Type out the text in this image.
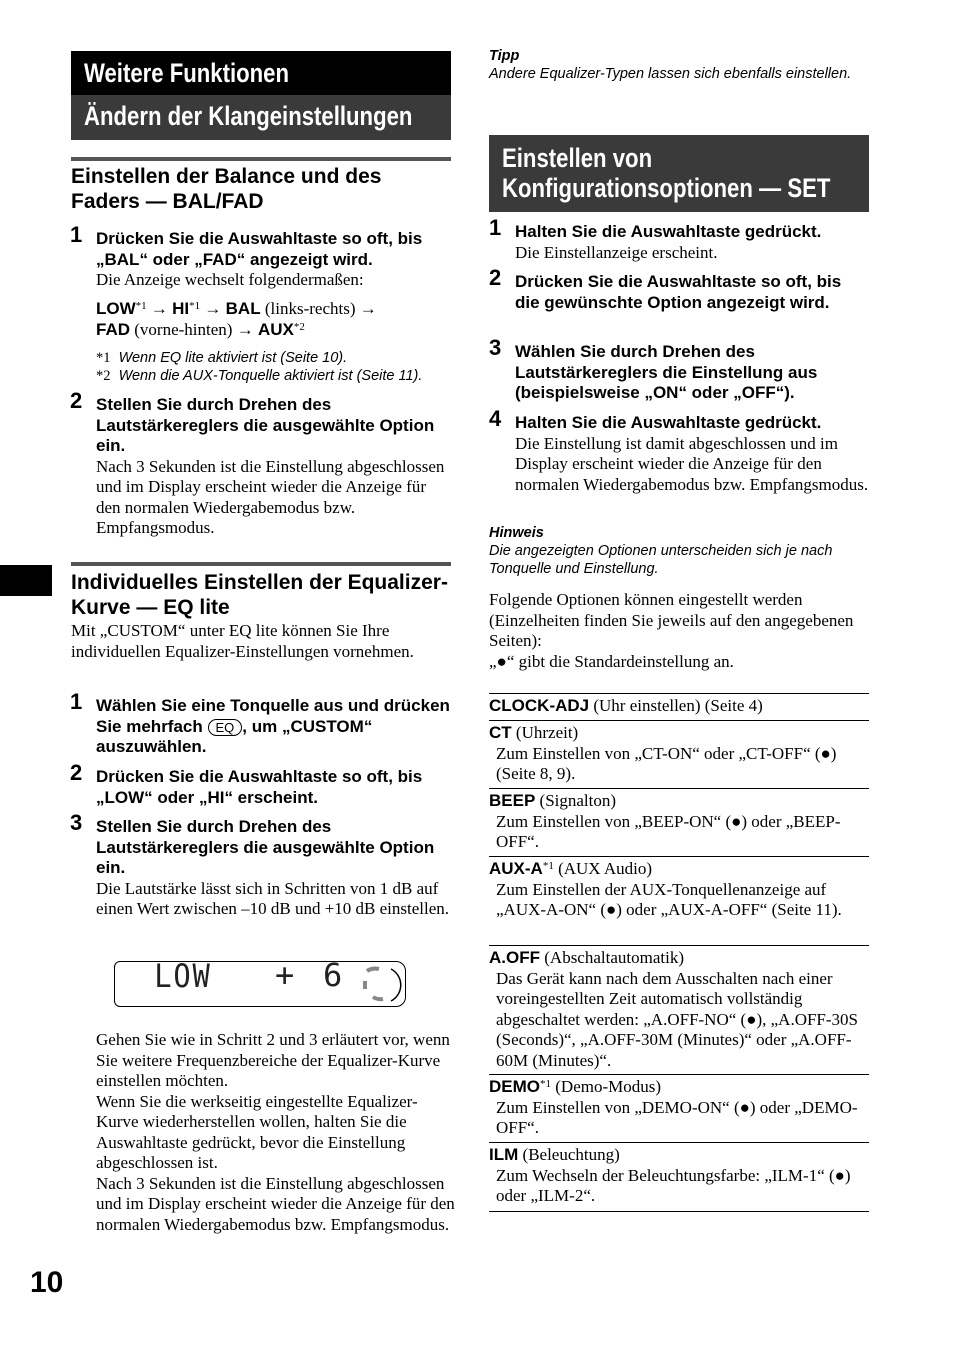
Weitere Funktionen
Ändern der Klangeinstellungen
Einstellen der Balance und des Faders — BAL/FAD
1 Drücken Sie die Auswahltaste so oft, bis „BAL“ oder „FAD“ angezeigt wird.
Die Anzeige wechselt folgendermaßen:
$LOW^{*1} \to HI^{*1}$ → BAL (links-rechts) →
FAD (vorne-hinten) → $AUX^{*2}$
*1 Wenn EQ lite aktiviert ist (Seite 10).
*2 Wenn die AUX-Tonquelle aktiviert ist (Seite 11).
2 Stellen Sie durch Drehen des Lautstärkereglers die ausgewählte Option ein.
Nach 3 Sekunden ist die Einstellung abgeschlossen und im Display erscheint wieder die Anzeige für den normalen Wiedergabemodus bzw. Empfangsmodus.
Individuelles Einstellen der Equalizer-Kurve — EQ lite
Mit „CUSTOM“ unter EQ lite können Sie Ihre individuellen Equalizer-Einstellungen vornehmen.
1 Wählen Sie eine Tonquelle aus und drücken Sie mehrfach EQ , um „CUSTOM“ auszuwählen.
2 Drücken Sie die Auswahltaste so oft, bis „LOW“ oder „HI“ erscheint.
3 Stellen Sie durch Drehen des Lautstärkereglers die ausgewählte Option ein.
Die Lautstärke lässt sich in Schritten von 1 dB auf einen Wert zwischen –10 dB und +10 dB einstellen.
LOW + 6
Gehen Sie wie in Schritt 2 und 3 erläutert vor, wenn Sie weitere Frequenzbereiche der Equalizer-Kurve einstellen möchten.
Wenn Sie die werkseitig eingestellte Equalizer-Kurve wiederherstellen wollen, halten Sie die Auswahltaste gedrückt, bevor die Einstellung abgeschlossen ist.
Nach 3 Sekunden ist die Einstellung abgeschlossen und im Display erscheint wieder die Anzeige für den normalen Wiedergabemodus bzw. Empfangsmodus.
10
Tipp
Andere Equalizer-Typen lassen sich ebenfalls einstellen.
Einstellen von
Konfigurationsoptionen — SET
1 Halten Sie die Auswahltaste gedrückt.
Die Einstellanzeige erscheint.
2 Drücken Sie die Auswahltaste so oft, bis die gewünschte Option angezeigt wird.
3 Wählen Sie durch Drehen des Lautstärkereglers die Einstellung aus (beispielsweise „ON“ oder „OFF“).
4 Halten Sie die Auswahltaste gedrückt.
Die Einstellung ist damit abgeschlossen und im Display erscheint wieder die Anzeige für den normalen Wiedergabemodus bzw. Empfangsmodus.
Hinweis
Die angezeigten Optionen unterscheiden sich je nach Tonquelle und Einstellung.
Folgende Optionen können eingestellt werden (Einzelheiten finden Sie jeweils auf den angegebenen Seiten):
„●“ gibt die Standardeinstellung an.
CLOCK-ADJ (Uhr einstellen) (Seite 4)
CT (Uhrzeit)
Zum Einstellen von „CT-ON“ oder „CT-OFF“ (●) (Seite 8, 9).
BEEP (Signalton)
Zum Einstellen von „BEEP-ON“ (●) oder „BEEP-OFF“.
AUX-$A^{*1}$ (AUX Audio)
Zum Einstellen der AUX-Tonquellenanzeige auf „AUX-A-ON“ (●) oder „AUX-A-OFF“ (Seite 11).
A.OFF (Abschaltautomatik)
Das Gerät kann nach dem Ausschalten nach einer voreingestellten Zeit automatisch vollständig abgeschaltet werden: „A.OFF-NO“ (●), „A.OFF-30S (Seconds)“, „A.OFF-30M (Minutes)“ oder „A.OFF-60M (Minutes)“.
DEMO$^{*1}$ (Demo-Modus)
Zum Einstellen von „DEMO-ON“ (●) oder „DEMO-OFF“.
ILM (Beleuchtung)
Zum Wechseln der Beleuchtungsfarbe: „ILM-1“ (●) oder „ILM-2“.
